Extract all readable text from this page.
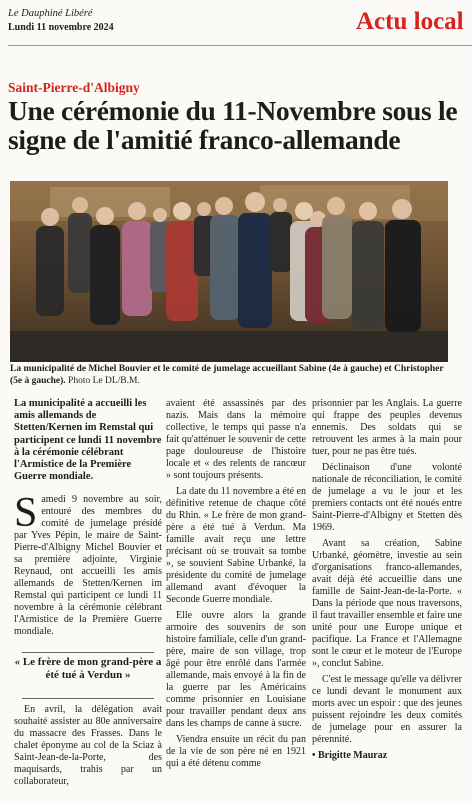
Le Dauphiné Libéré
Lundi 11 novembre 2024	Actu local
Saint-Pierre-d'Albigny
Une cérémonie du 11-Novembre sous le signe de l'amitié franco-allemande
La municipalité de Michel Bouvier et le comité de jumelage accueillant Sabine (4e à gauche) et Christopher (5e à gauche). Photo Le DL/B.M.
La municipalité a accueilli les amis allemands de Stetten/Kernen im Remstal qui participent ce lundi 11 novembre à la cérémonie célébrant l'Armistice de la Première Guerre mondiale.

Samedi 9 novembre au soir, entouré des membres du comité de jumelage présidé par Yves Pépin, le maire de Saint-Pierre-d'Albigny Michel Bouvier et sa première adjointe, Virginie Reynaud, ont accueilli les amis allemands de Stetten/Kernen im Remstal qui participent ce lundi 11 novembre à la cérémonie célébrant l'Armistice de la Première Guerre mondiale.

« Le frère de mon grand-père a été tué à Verdun »

En avril, la délégation avait souhaité assister au 80e anniversaire du massacre des Frasses. Dans le chalet éponyme au col de la Sciaz à Saint-Jean-de-la-Porte, des maquisards, trahis par un collaborateur,

avaient été assassinés par des nazis. Mais dans la mémoire collective, le temps qui passe n'a fait qu'atténuer le souvenir de cette page douloureuse de l'histoire locale et « des relents de rancœur » sont toujours présents.

La date du 11 novembre a été en définitive retenue de chaque côté du Rhin. « Le frère de mon grand-père a été tué à Verdun. Ma famille avait reçu une lettre précisant où se trouvait sa tombe », se souvient Sabine Urbanké, la présidente du comité de jumelage allemand avant d'évoquer la Seconde Guerre mondiale.

Elle ouvre alors la grande armoire des souvenirs de son histoire familiale, celle d'un grand-père, maire de son village, trop âgé pour être enrôlé dans l'armée allemande, mais envoyé à la fin de la guerre par les Américains comme prisonnier en Louisiane pour travailler pendant deux ans dans les champs de canne à sucre.

Viendra ensuite un récit du pan de la vie de son père né en 1921 qui a été détenu comme

prisonnier par les Anglais. La guerre qui frappe des peuples devenus ennemis. Des soldats qui se retrouvent les armes à la main pour tuer, pour ne pas être tués.

Déclinaison d'une volonté nationale de réconciliation, le comité de jumelage a vu le jour et les premiers contacts ont été noués entre Saint-Pierre-d'Albigny et Stetten dès 1969.

Avant sa création, Sabine Urbanké, géomètre, investie au sein d'organisations franco-allemandes, avait déjà été accueillie dans une famille de Saint-Jean-de-la-Porte. « Dans la période que nous traversons, il faut travailler ensemble et faire une unité pour une Europe unique et pacifique. La France et l'Allemagne sont le cœur et le moteur de l'Europe », conclut Sabine.

C'est le message qu'elle va délivrer ce lundi devant le monument aux morts avec un espoir : que des jeunes puissent rejoindre les deux comités de jumelage pour en assurer la pérennité.

• Brigitte Mauraz
